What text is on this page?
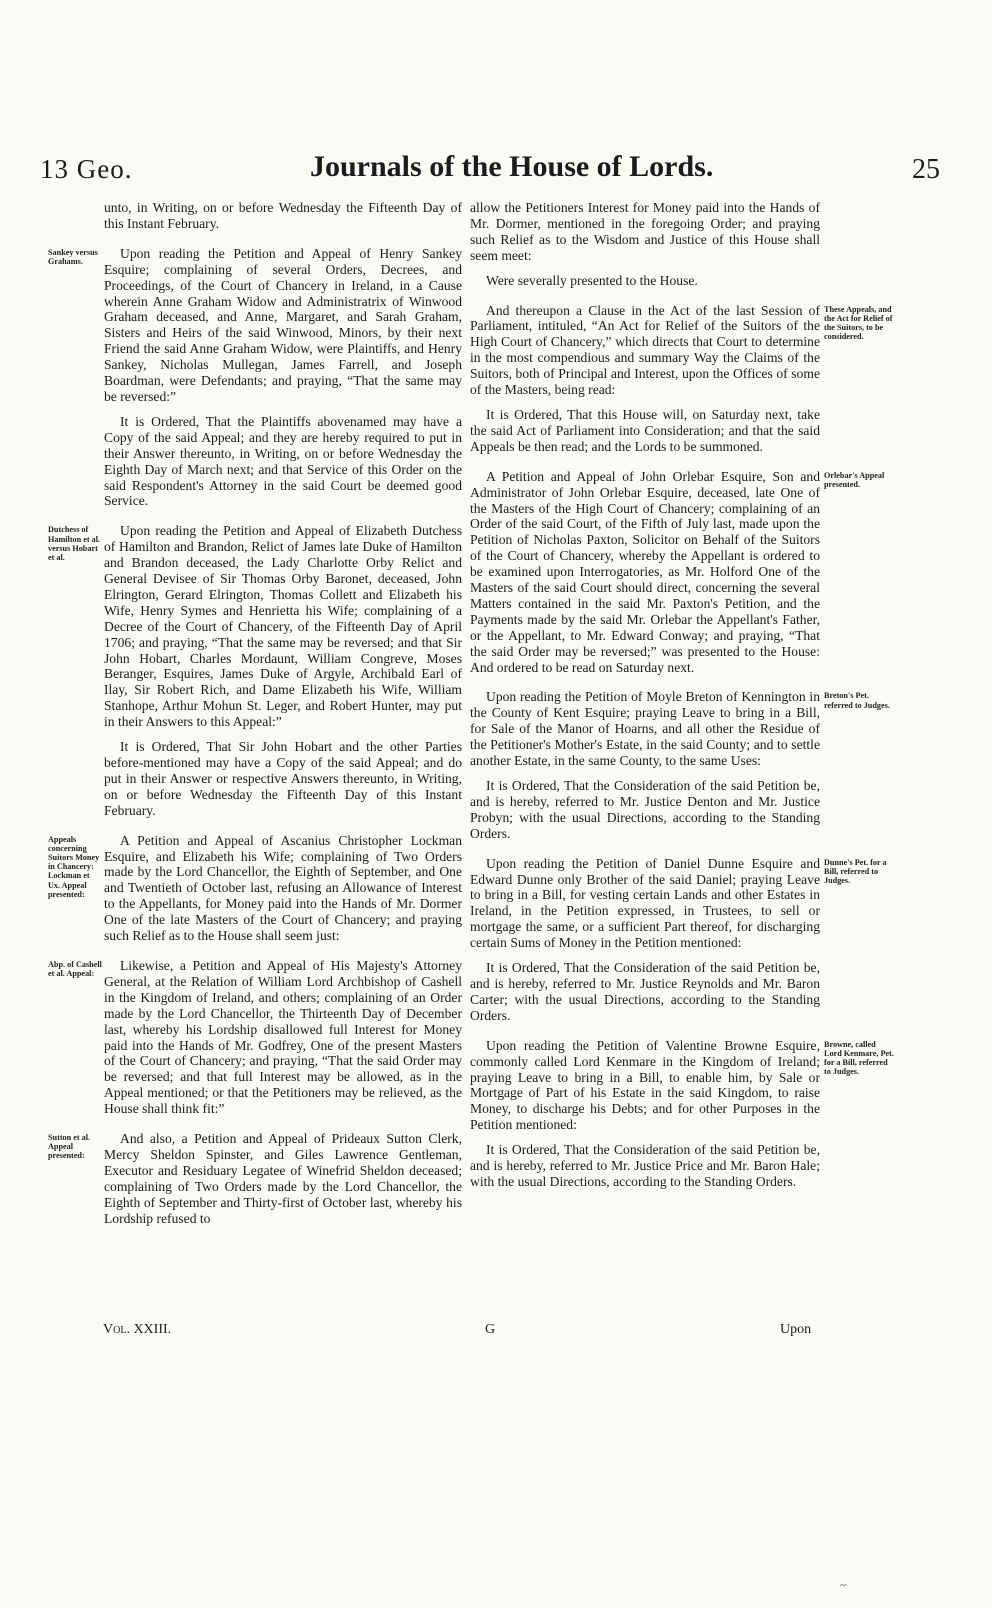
13 Geo.	Journals of the House of Lords.	25

unto, in Writing, on or before Wednesday the Fifteenth Day of this Instant February.

Sankey versus Grahams.

Upon reading the Petition and Appeal of Henry Sankey Esquire; complaining of several Orders, Decrees, and Proceedings, of the Court of Chancery in Ireland, in a Cause wherein Anne Graham Widow and Administratrix of Winwood Graham deceased, and Anne, Margaret, and Sarah Graham, Sisters and Heirs of the said Winwood, Minors, by their next Friend the said Anne Graham Widow, were Plaintiffs, and Henry Sankey, Nicholas Mullegan, James Farrell, and Joseph Boardman, were Defendants; and praying, “That the same may be reversed:”

It is Ordered, That the Plaintiffs abovenamed may have a Copy of the said Appeal; and they are hereby required to put in their Answer thereunto, in Writing, on or before Wednesday the Eighth Day of March next; and that Service of this Order on the said Respondent's Attorney in the said Court be deemed good Service.

Dutchess of Hamilton et al. versus Hobart et al.

Upon reading the Petition and Appeal of Elizabeth Dutchess of Hamilton and Brandon, Relict of James late Duke of Hamilton and Brandon deceased, the Lady Charlotte Orby Relict and General Devisee of Sir Thomas Orby Baronet, deceased, John Elrington, Gerard Elrington, Thomas Collett and Elizabeth his Wife, Henry Symes and Henrietta his Wife; complaining of a Decree of the Court of Chancery, of the Fifteenth Day of April 1706; and praying, “That the same may be reversed; and that Sir John Hobart, Charles Mordaunt, William Congreve, Moses Beranger, Esquires, James Duke of Argyle, Archibald Earl of Ilay, Sir Robert Rich, and Dame Elizabeth his Wife, William Stanhope, Arthur Mohun St. Leger, and Robert Hunter, may put in their Answers to this Appeal:”

It is Ordered, That Sir John Hobart and the other Parties before-mentioned may have a Copy of the said Appeal; and do put in their Answer or respective Answers thereunto, in Writing, on or before Wednesday the Fifteenth Day of this Instant February.

Appeals concerning Suitors Money in Chancery: Lockman et Ux. Appeal presented:

A Petition and Appeal of Ascanius Christopher Lockman Esquire, and Elizabeth his Wife; complaining of Two Orders made by the Lord Chancellor, the Eighth of September, and One and Twentieth of October last, refusing an Allowance of Interest to the Appellants, for Money paid into the Hands of Mr. Dormer One of the late Masters of the Court of Chancery; and praying such Relief as to the House shall seem just:

Abp. of Cashell et al. Appeal:

Likewise, a Petition and Appeal of His Majesty's Attorney General, at the Relation of William Lord Archbishop of Cashell in the Kingdom of Ireland, and others; complaining of an Order made by the Lord Chancellor, the Thirteenth Day of December last, whereby his Lordship disallowed full Interest for Money paid into the Hands of Mr. Godfrey, One of the present Masters of the Court of Chancery; and praying, “That the said Order may be reversed; and that full Interest may be allowed, as in the Appeal mentioned; or that the Petitioners may be relieved, as the House shall think fit:”

Sutton et al. Appeal presented:

And also, a Petition and Appeal of Prideaux Sutton Clerk, Mercy Sheldon Spinster, and Giles Lawrence Gentleman, Executor and Residuary Legatee of Winefrid Sheldon deceased; complaining of Two Orders made by the Lord Chancellor, the Eighth of September and Thirty-first of October last, whereby his Lordship refused to

allow the Petitioners Interest for Money paid into the Hands of Mr. Dormer, mentioned in the foregoing Order; and praying such Relief as to the Wisdom and Justice of this House shall seem meet:

Were severally presented to the House.

These Appeals, and the Act for Relief of the Suitors, to be considered.

And thereupon a Clause in the Act of the last Session of Parliament, intituled, “An Act for Relief of the Suitors of the High Court of Chancery,” which directs that Court to determine in the most compendious and summary Way the Claims of the Suitors, both of Principal and Interest, upon the Offices of some of the Masters, being read:

It is Ordered, That this House will, on Saturday next, take the said Act of Parliament into Consideration; and that the said Appeals be then read; and the Lords to be summoned.

Orlebar's Appeal presented.

A Petition and Appeal of John Orlebar Esquire, Son and Administrator of John Orlebar Esquire, deceased, late One of the Masters of the High Court of Chancery; complaining of an Order of the said Court, of the Fifth of July last, made upon the Petition of Nicholas Paxton, Solicitor on Behalf of the Suitors of the Court of Chancery, whereby the Appellant is ordered to be examined upon Interrogatories, as Mr. Holford One of the Masters of the said Court should direct, concerning the several Matters contained in the said Mr. Paxton's Petition, and the Payments made by the said Mr. Orlebar the Appellant's Father, or the Appellant, to Mr. Edward Conway; and praying, “That the said Order may be reversed;” was presented to the House: And ordered to be read on Saturday next.

Breton's Pet. referred to Judges.

Upon reading the Petition of Moyle Breton of Kennington in the County of Kent Esquire; praying Leave to bring in a Bill, for Sale of the Manor of Hoarns, and all other the Residue of the Petitioner's Mother's Estate, in the said County; and to settle another Estate, in the same County, to the same Uses:

It is Ordered, That the Consideration of the said Petition be, and is hereby, referred to Mr. Justice Denton and Mr. Justice Probyn; with the usual Directions, according to the Standing Orders.

Dunne's Pet. for a Bill, referred to Judges.

Upon reading the Petition of Daniel Dunne Esquire and Edward Dunne only Brother of the said Daniel; praying Leave to bring in a Bill, for vesting certain Lands and other Estates in Ireland, in the Petition expressed, in Trustees, to sell or mortgage the same, or a sufficient Part thereof, for discharging certain Sums of Money in the Petition mentioned:

It is Ordered, That the Consideration of the said Petition be, and is hereby, referred to Mr. Justice Reynolds and Mr. Baron Carter; with the usual Directions, according to the Standing Orders.

Browne, called Lord Kenmare, Pet. for a Bill, referred to Judges.

Upon reading the Petition of Valentine Browne Esquire, commonly called Lord Kenmare in the Kingdom of Ireland; praying Leave to bring in a Bill, to enable him, by Sale or Mortgage of Part of his Estate in the said Kingdom, to raise Money, to discharge his Debts; and for other Purposes in the Petition mentioned:

It is Ordered, That the Consideration of the said Petition be, and is hereby, referred to Mr. Justice Price and Mr. Baron Hale; with the usual Directions, according to the Standing Orders.

Vol. XXIII.	G	Upon
~
